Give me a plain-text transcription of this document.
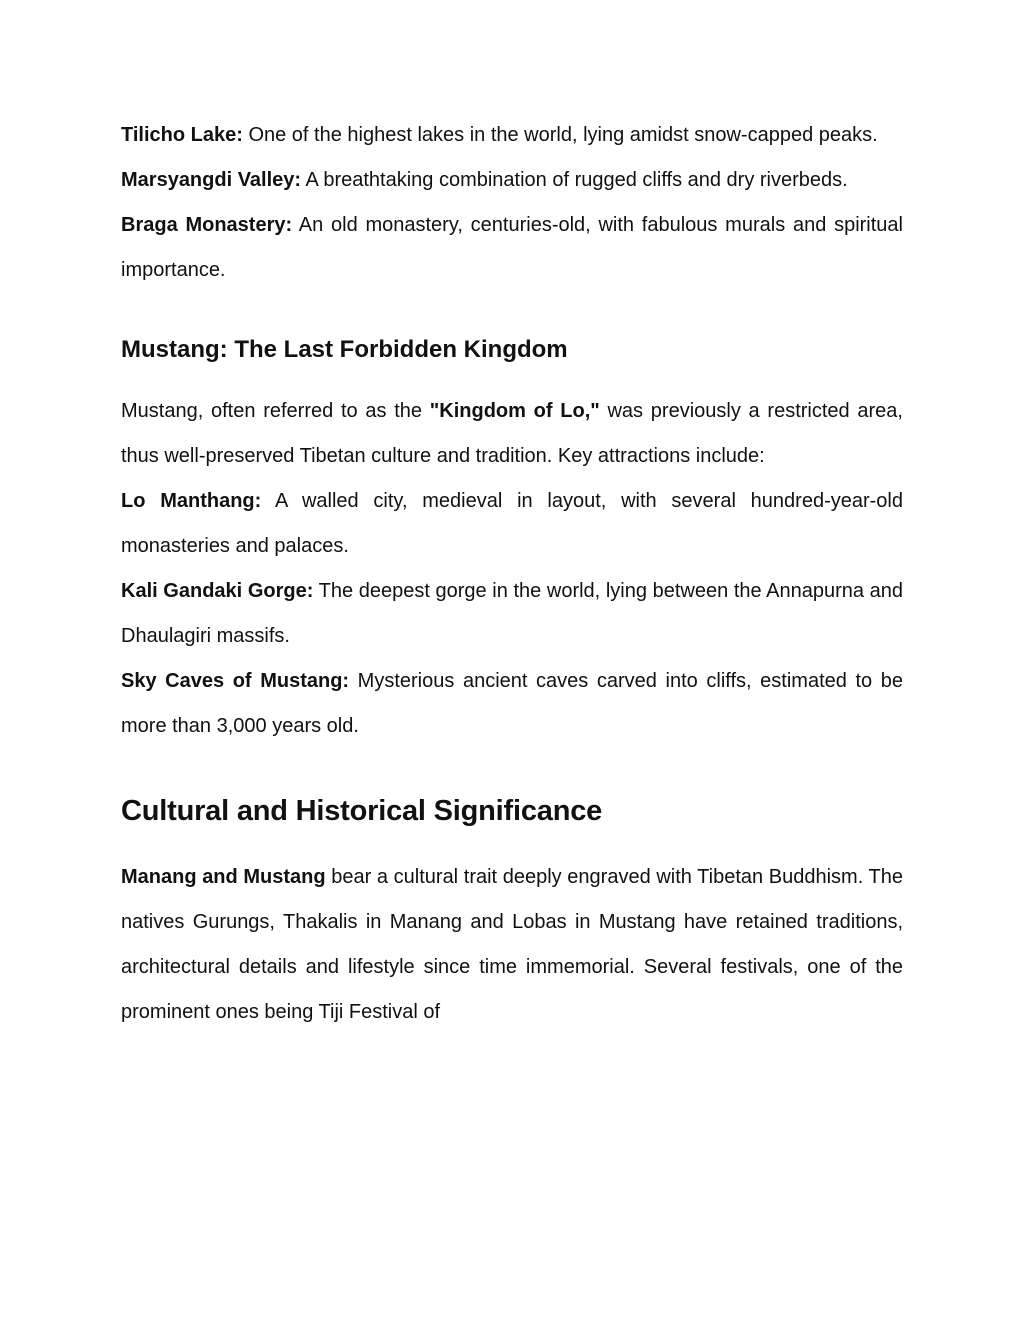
Tilicho Lake: One of the highest lakes in the world, lying amidst snow-capped peaks.

Marsyangdi Valley: A breathtaking combination of rugged cliffs and dry riverbeds.

Braga Monastery: An old monastery, centuries-old, with fabulous murals and spiritual importance.

Mustang: The Last Forbidden Kingdom

Mustang, often referred to as the "Kingdom of Lo," was previously a restricted area, thus well-preserved Tibetan culture and tradition. Key attractions include:

Lo Manthang: A walled city, medieval in layout, with several hundred-year-old monasteries and palaces.

Kali Gandaki Gorge: The deepest gorge in the world, lying between the Annapurna and Dhaulagiri massifs.

Sky Caves of Mustang: Mysterious ancient caves carved into cliffs, estimated to be more than 3,000 years old.

Cultural and Historical Significance

Manang and Mustang bear a cultural trait deeply engraved with Tibetan Buddhism. The natives Gurungs, Thakalis in Manang and Lobas in Mustang have retained traditions, architectural details and lifestyle since time immemorial. Several festivals, one of the prominent ones being Tiji Festival of
